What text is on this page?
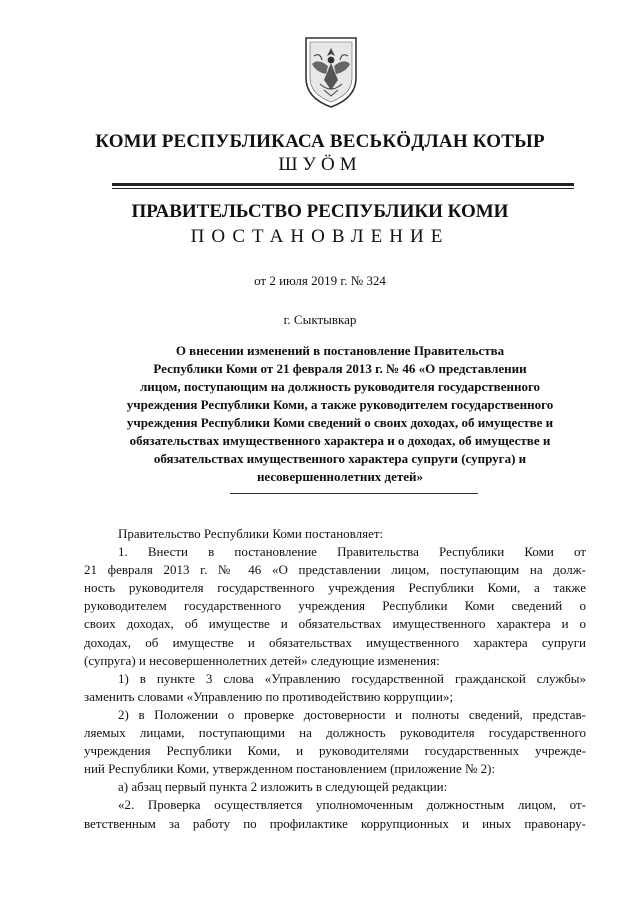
КОМИ РЕСПУБЛИКАСА ВЕСЬКӦДЛАН КОТЫР
ШУӦМ
ПРАВИТЕЛЬСТВО РЕСПУБЛИКИ КОМИ
ПОСТАНОВЛЕНИЕ
от 2 июля 2019 г. № 324
г. Сыктывкар
О внесении изменений в постановление Правительства
Республики Коми от 21 февраля 2013 г. № 46 «О представлении
лицом, поступающим на должность руководителя государственного
учреждения Республики Коми, а также руководителем государственного
учреждения Республики Коми сведений о своих доходах, об имуществе и
обязательствах имущественного характера и о доходах, об имуществе и
обязательствах имущественного характера супруги (супруга) и
несовершеннолетних детей»
Правительство Республики Коми постановляет:
1. Внести в постановление Правительства Республики Коми от
21 февраля 2013 г. № 46 «О представлении лицом, поступающим на долж-
ность руководителя государственного учреждения Республики Коми, а также
руководителем государственного учреждения Республики Коми сведений о
своих доходах, об имуществе и обязательствах имущественного характера и о
доходах, об имуществе и обязательствах имущественного характера супруги
(супруга) и несовершеннолетних детей» следующие изменения:
1) в пункте 3 слова «Управлению государственной гражданской службы»
заменить словами «Управлению по противодействию коррупции»;
2) в Положении о проверке достоверности и полноты сведений, представ-
ляемых лицами, поступающими на должность руководителя государственного
учреждения Республики Коми, и руководителями государственных учрежде-
ний Республики Коми, утвержденном постановлением (приложение № 2):
а) абзац первый пункта 2 изложить в следующей редакции:
«2. Проверка осуществляется уполномоченным должностным лицом, от-
ветственным за работу по профилактике коррупционных и иных правонару-
